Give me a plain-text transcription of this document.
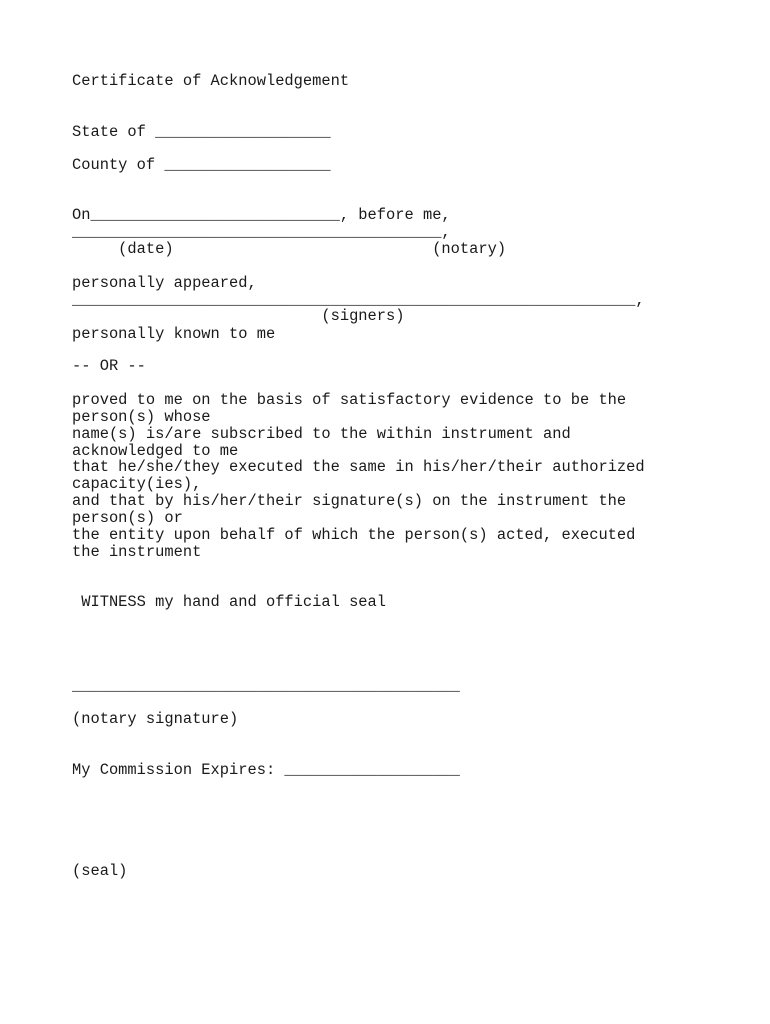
Certificate of Acknowledgement
State of ___________________
County of __________________
On___________________________, before me,
________________________________________,
(date)                            (notary)
personally appeared,
_____________________________________________________________,
(signers)
personally known to me
-- OR --
proved to me on the basis of satisfactory evidence to be the
person(s) whose
name(s) is/are subscribed to the within instrument and
acknowledged to me
that he/she/they executed the same in his/her/their authorized
capacity(ies),
and that by his/her/their signature(s) on the instrument the
person(s) or
the entity upon behalf of which the person(s) acted, executed
the instrument
WITNESS my hand and official seal
__________________________________________
(notary signature)
My Commission Expires: ___________________
(seal)
